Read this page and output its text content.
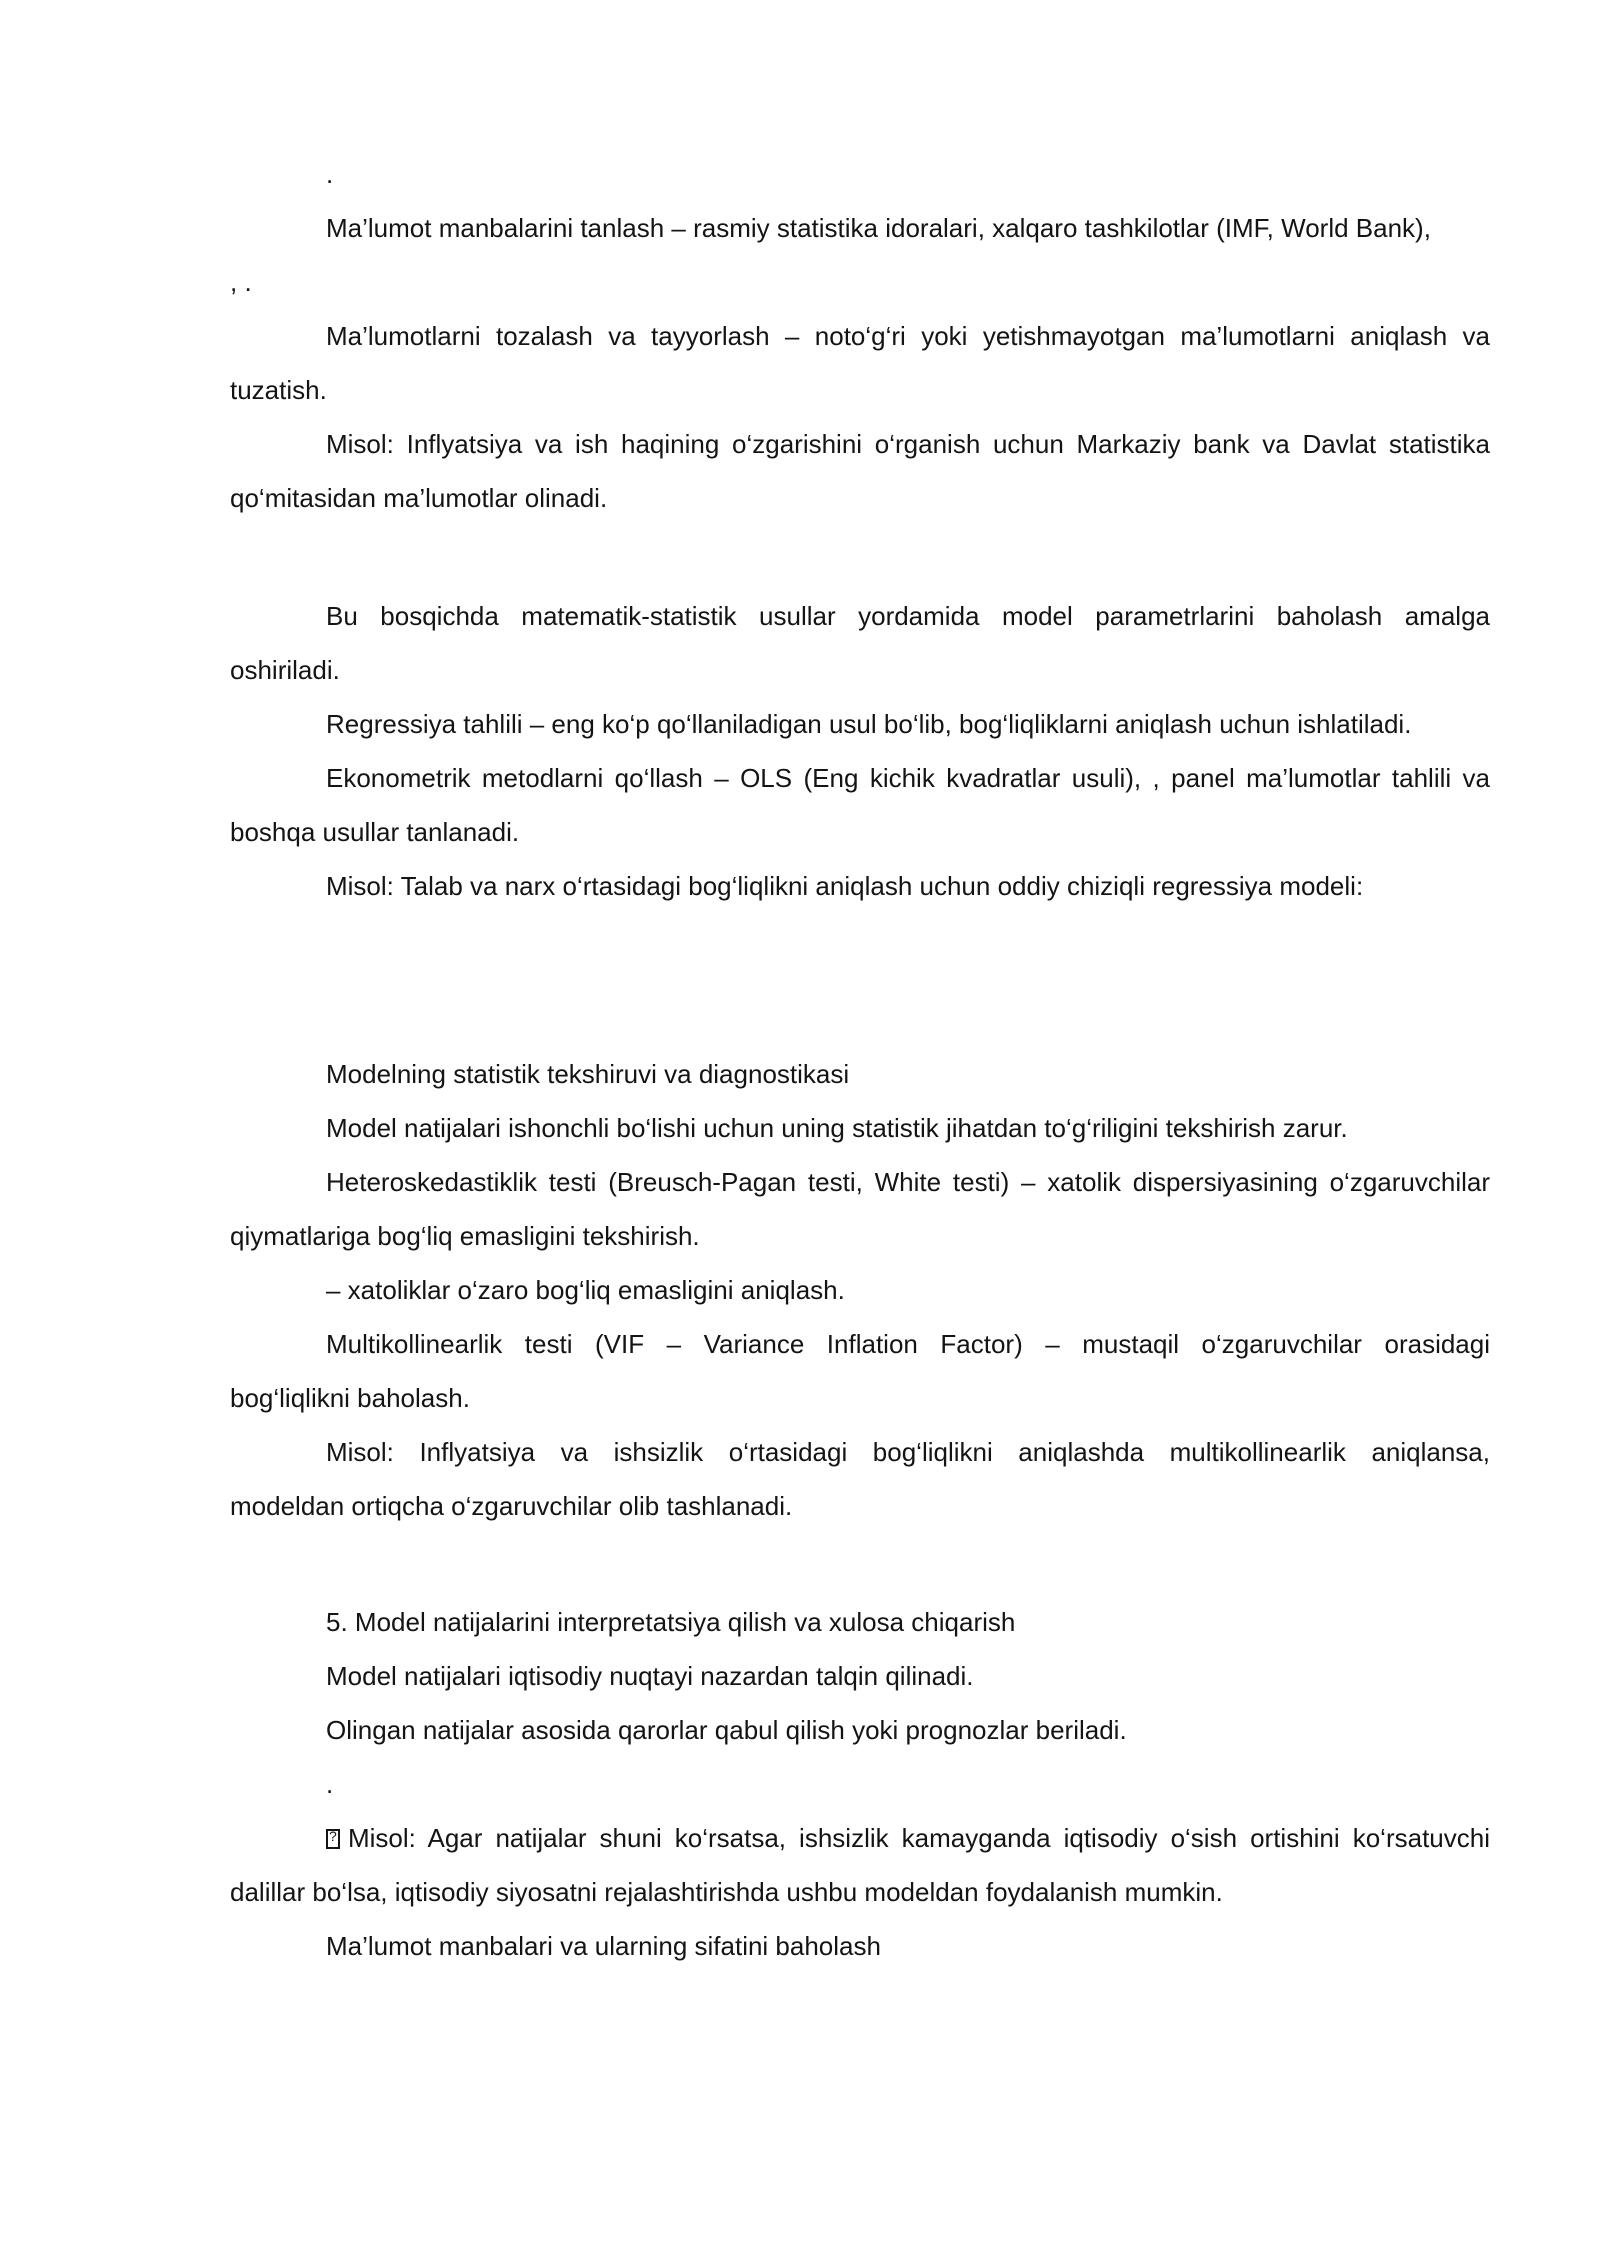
.

Ma’lumot manbalarini tanlash – rasmiy statistika idoralari, xalqaro tashkilotlar (IMF, World Bank),

, .

Ma’lumotlarni tozalash va tayyorlash – noto‘g‘ri yoki yetishmayotgan ma’lumotlarni aniqlash va

tuzatish.

Misol: Inflyatsiya va ish haqining o‘zgarishini o‘rganish uchun Markaziy bank va Davlat statistika

qo‘mitasidan ma’lumotlar olinadi.

Bu bosqichda matematik-statistik usullar yordamida model parametrlarini baholash amalga

oshiriladi.

Regressiya tahlili – eng ko‘p qo‘llaniladigan usul bo‘lib, bog‘liqliklarni aniqlash uchun ishlatiladi.

Ekonometrik metodlarni qo‘llash – OLS (Eng kichik kvadratlar usuli), , panel ma’lumotlar tahlili va

boshqa usullar tanlanadi.

Misol: Talab va narx o‘rtasidagi bog‘liqlikni aniqlash uchun oddiy chiziqli regressiya modeli:

Modelning statistik tekshiruvi va diagnostikasi

Model natijalari ishonchli bo‘lishi uchun uning statistik jihatdan to‘g‘riligini tekshirish zarur.

Heteroskedastiklik testi (Breusch-Pagan testi, White testi) – xatolik dispersiyasining o‘zgaruvchilar

qiymatlariga bog‘liq emasligini tekshirish.

– xatoliklar o‘zaro bog‘liq emasligini aniqlash.

Multikollinearlik testi (VIF – Variance Inflation Factor) – mustaqil o‘zgaruvchilar orasidagi

bog‘liqlikni baholash.

Misol: Inflyatsiya va ishsizlik o‘rtasidagi bog‘liqlikni aniqlashda multikollinearlik aniqlansa,

modeldan ortiqcha o‘zgaruvchilar olib tashlanadi.

5. Model natijalarini interpretatsiya qilish va xulosa chiqarish

Model natijalari iqtisodiy nuqtayi nazardan talqin qilinadi.

Olingan natijalar asosida qarorlar qabul qilish yoki prognozlar beriladi.

.

?Misol: Agar natijalar shuni ko‘rsatsa, ishsizlik kamayganda iqtisodiy o‘sish ortishini ko‘rsatuvchi

dalillar bo‘lsa, iqtisodiy siyosatni rejalashtirishda ushbu modeldan foydalanish mumkin.

Ma’lumot manbalari va ularning sifatini baholash
